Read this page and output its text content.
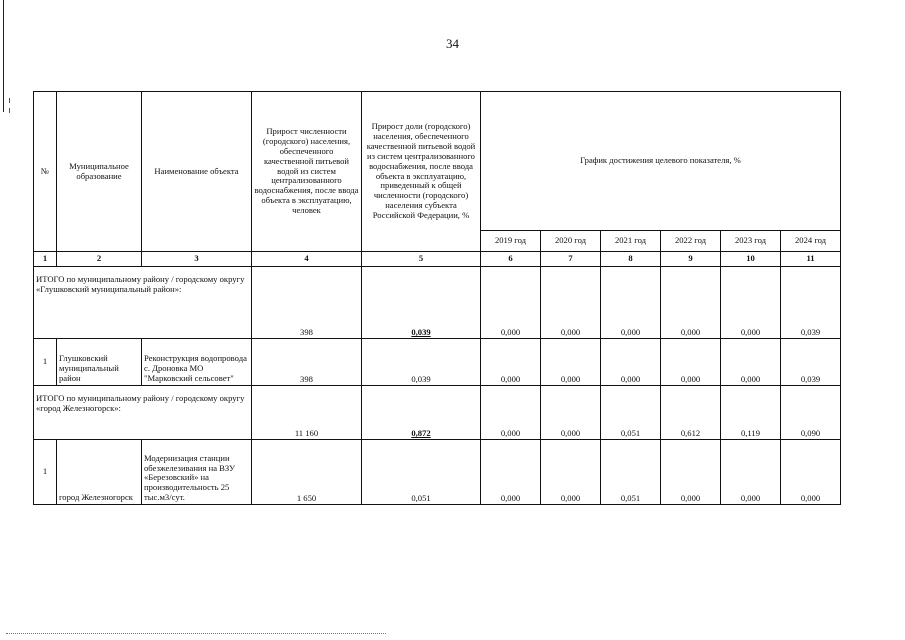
34
№	Муниципальное образование	Наименование объекта	Прирост численности (городского) населения, обеспеченного качественной питьевой водой из систем централизованного водоснабжения, после ввода объекта в эксплуатацию, человек	Прирост доли (городского) населения, обеспеченного качественной питьевой водой из систем централизованного водоснабжения, после ввода объекта в эксплуатацию, приведенный к общей численности (городского) населения субъекта Российской Федерации, %	График достижения целевого показателя, %					
					2019 год	2020 год	2021 год	2022 год	2023 год	2024 год
1	2	3	4	5	6	7	8	9	10	11
ИТОГО по муниципальному району / городскому округу «Глушковский муниципальный район»:			398	0,039	0,000	0,000	0,000	0,000	0,000	0,039
1	Глушковский муниципальный район	Реконструкция водопровода с. Дроновка МО "Марковский сельсовет"	398	0,039	0,000	0,000	0,000	0,000	0,000	0,039
ИТОГО по муниципальному району / городскому округу «город Железногорск»:			11 160	0,872	0,000	0,000	0,051	0,612	0,119	0,090
1	город Железногорск	Модернизация станции обезжелезивания на ВЗУ «Березовский» на производительность 25 тыс.м3/сут.	1 650	0,051	0,000	0,000	0,051	0,000	0,000	0,000
